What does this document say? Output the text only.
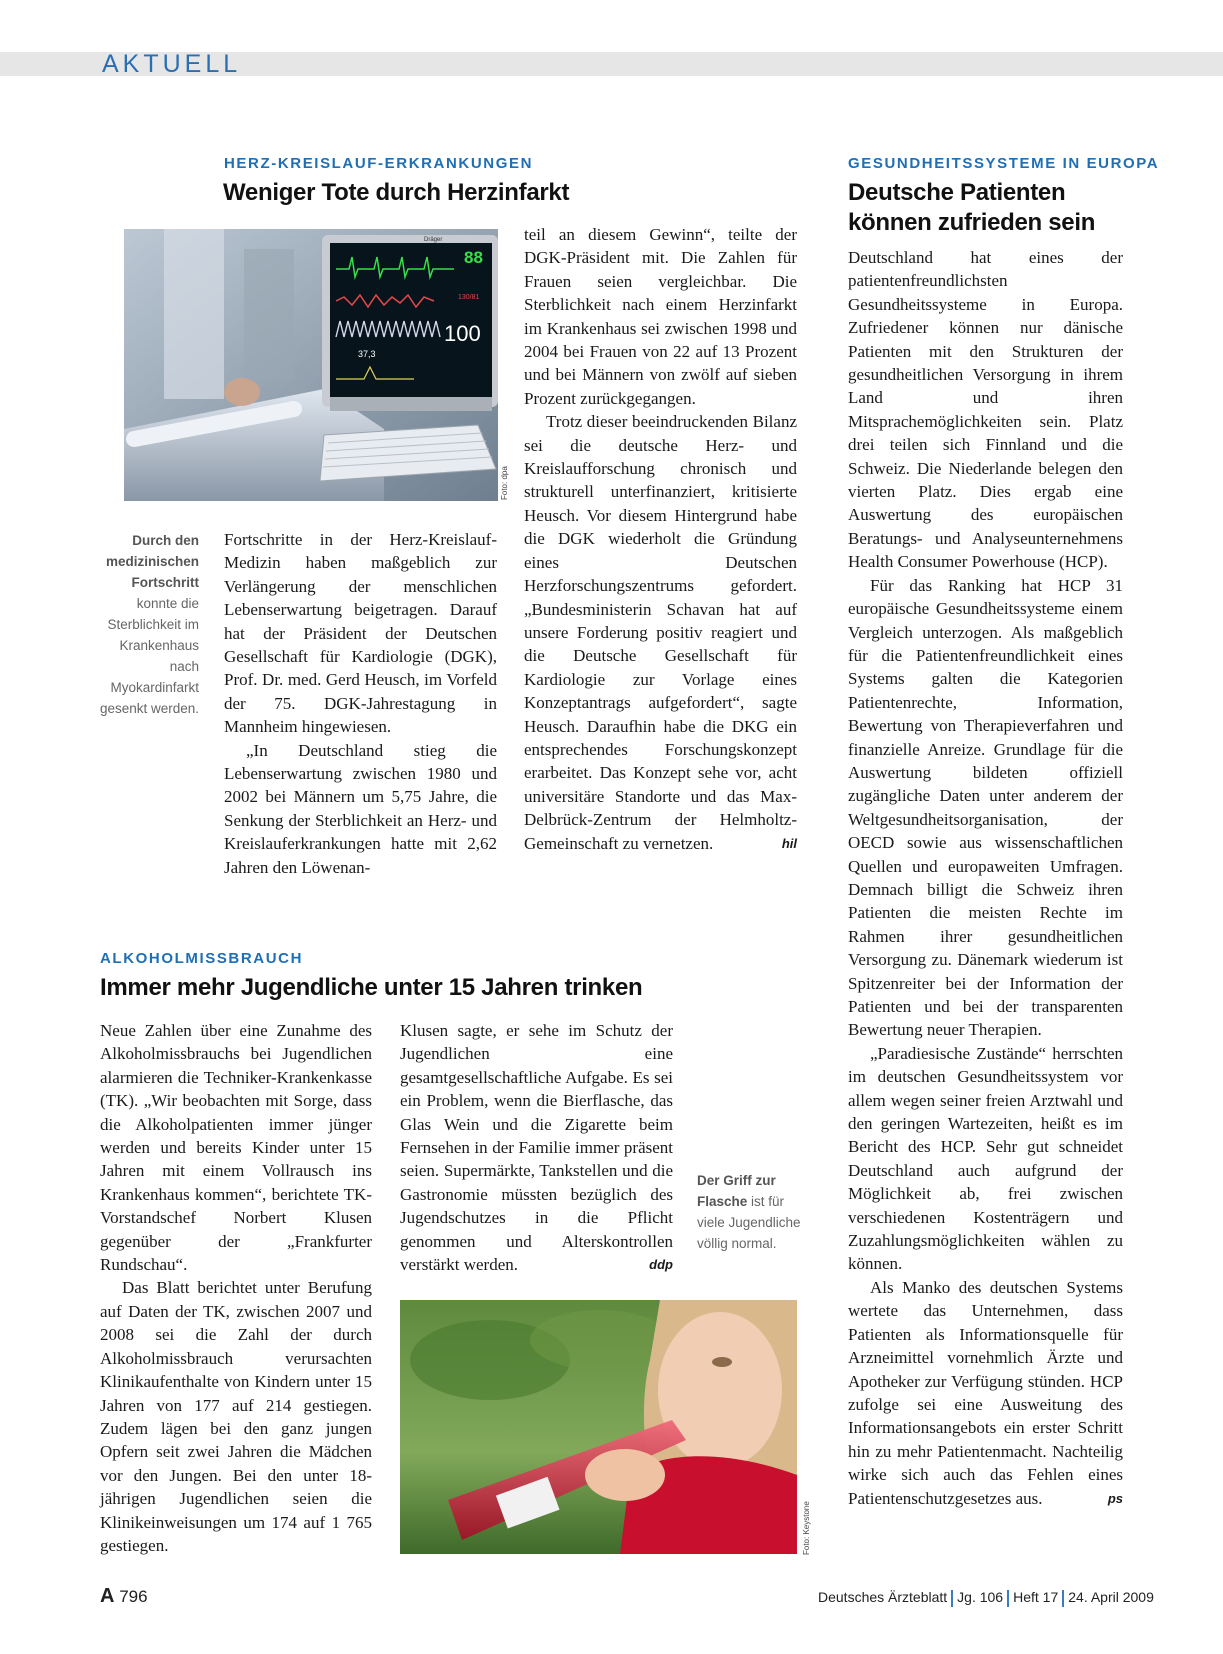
AKTUELL
HERZ-KREISLAUF-ERKRANKUNGEN
Weniger Tote durch Herzinfarkt
Dräger
88
130/81
100
37,3
Foto: dpa
Durch den medizinischen Fortschritt konnte die Sterblichkeit im Krankenhaus nach Myokardinfarkt gesenkt werden.

Fortschritte in der Herz-Kreislauf-Medizin haben maßgeblich zur Verlängerung der menschlichen Lebenserwartung beigetragen. Darauf hat der Präsident der Deutschen Gesellschaft für Kardiologie (DGK), Prof. Dr. med. Gerd Heusch, im Vorfeld der 75. DGK-Jahrestagung in Mannheim hingewiesen.

„In Deutschland stieg die Lebenserwartung zwischen 1980 und 2002 bei Männern um 5,75 Jahre, die Senkung der Sterblichkeit an Herz- und Kreislauferkrankungen hatte mit 2,62 Jahren den Löwenan-

teil an diesem Gewinn“, teilte der DGK-Präsident mit. Die Zahlen für Frauen seien vergleichbar. Die Sterblichkeit nach einem Herzinfarkt im Krankenhaus sei zwischen 1998 und 2004 bei Frauen von 22 auf 13 Prozent und bei Männern von zwölf auf sieben Prozent zurückgegangen.

Trotz dieser beeindruckenden Bilanz sei die deutsche Herz- und Kreislaufforschung chronisch und strukturell unterfinanziert, kritisierte Heusch. Vor diesem Hintergrund habe die DGK wiederholt die Gründung eines Deutschen Herzforschungszentrums gefordert. „Bundesministerin Schavan hat auf unsere Forderung positiv reagiert und die Deutsche Gesellschaft für Kardiologie zur Vorlage eines Konzeptantrags aufgefordert“, sagte Heusch. Daraufhin habe die DKG ein entsprechendes Forschungskonzept erarbeitet. Das Konzept sehe vor, acht universitäre Standorte und das Max-Delbrück-Zentrum der Helmholtz-Gemeinschaft zu vernetzen.	hil

ALKOHOLMISSBRAUCH
Immer mehr Jugendliche unter 15 Jahren trinken

Neue Zahlen über eine Zunahme des Alkoholmissbrauchs bei Jugendlichen alarmieren die Techniker-Krankenkasse (TK). „Wir beobachten mit Sorge, dass die Alkoholpatienten immer jünger werden und bereits Kinder unter 15 Jahren mit einem Vollrausch ins Krankenhaus kommen“, berichtete TK-Vorstandschef Norbert Klusen gegenüber der „Frankfurter Rundschau“.

Das Blatt berichtet unter Berufung auf Daten der TK, zwischen 2007 und 2008 sei die Zahl der durch Alkoholmissbrauch verursachten Klinikaufenthalte von Kindern unter 15 Jahren von 177 auf 214 gestiegen. Zudem lägen bei den ganz jungen Opfern seit zwei Jahren die Mädchen vor den Jungen. Bei den unter 18-jährigen Jugendlichen seien die Klinikeinweisungen um 174 auf 1 765 gestiegen.

Klusen sagte, er sehe im Schutz der Jugendlichen eine gesamtgesellschaftliche Aufgabe. Es sei ein Problem, wenn die Bierflasche, das Glas Wein und die Zigarette beim Fernsehen in der Familie immer präsent seien. Supermärkte, Tankstellen und die Gastronomie müssten bezüglich des Jugendschutzes in die Pflicht genommen und Alterskontrollen verstärkt werden.	ddp

Der Griff zur Flasche ist für viele Jugendliche völlig normal.
Foto: Keystone
GESUNDHEITSSYSTEME IN EUROPA
Deutsche Patienten
können zufrieden sein

Deutschland hat eines der patientenfreundlichsten Gesundheitssysteme in Europa. Zufriedener können nur dänische Patienten mit den Strukturen der gesundheitlichen Versorgung in ihrem Land und ihren Mitsprachemöglichkeiten sein. Platz drei teilen sich Finnland und die Schweiz. Die Niederlande belegen den vierten Platz. Dies ergab eine Auswertung des europäischen Beratungs- und Analyseunternehmens Health Consumer Powerhouse (HCP).

Für das Ranking hat HCP 31 europäische Gesundheitssysteme einem Vergleich unterzogen. Als maßgeblich für die Patientenfreundlichkeit eines Systems galten die Kategorien Patientenrechte, Information, Bewertung von Therapieverfahren und finanzielle Anreize. Grundlage für die Auswertung bildeten offiziell zugängliche Daten unter anderem der Weltgesundheitsorganisation, der OECD sowie aus wissenschaftlichen Quellen und europaweiten Umfragen. Demnach billigt die Schweiz ihren Patienten die meisten Rechte im Rahmen ihrer gesundheitlichen Versorgung zu. Dänemark wiederum ist Spitzenreiter bei der Information der Patienten und bei der transparenten Bewertung neuer Therapien.

„Paradiesische Zustände“ herrschten im deutschen Gesundheitssystem vor allem wegen seiner freien Arztwahl und den geringen Wartezeiten, heißt es im Bericht des HCP. Sehr gut schneidet Deutschland auch aufgrund der Möglichkeit ab, frei zwischen verschiedenen Kostenträgern und Zuzahlungsmöglichkeiten wählen zu können.

Als Manko des deutschen Systems wertete das Unternehmen, dass Patienten als Informationsquelle für Arzneimittel vornehmlich Ärzte und Apotheker zur Verfügung stünden. HCP zufolge sei eine Ausweitung des Informationsangebots ein erster Schritt hin zu mehr Patientenmacht. Nachteilig wirke sich auch das Fehlen eines Patientenschutzgesetzes aus.	ps

A 796	Deutsches Ärzteblatt Jg. 106 Heft 17 24. April 2009
